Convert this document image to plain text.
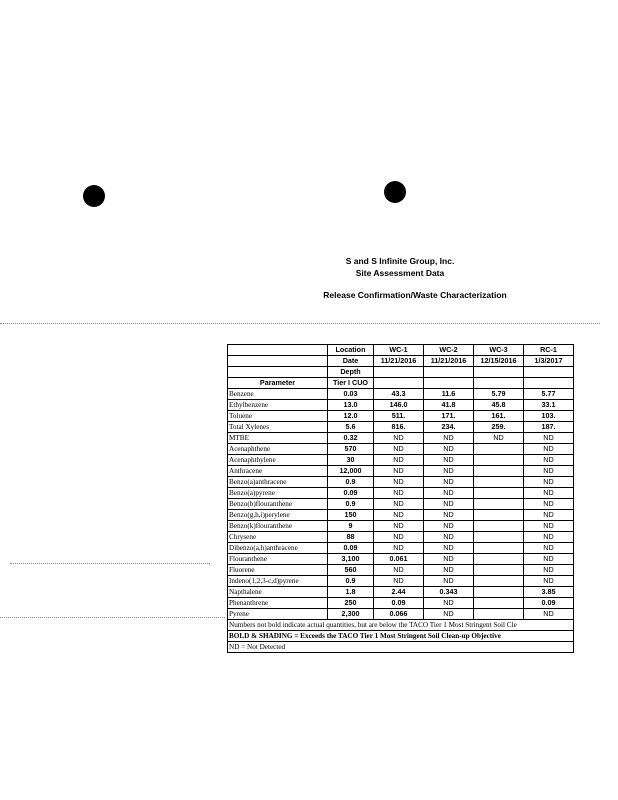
S and S Infinite Group, Inc.
Site Assessment Data
Release Confirmation/Waste Characterization
	Location	WC-1	WC-2	WC-3	RC-1
	Date	11/21/2016	11/21/2016	12/15/2016	1/3/2017
	Depth				
Parameter	Tier I CUO				
Benzene	0.03	43.3	11.6	5.79	5.77
Ethylbenzene	13.0	146.0	41.8	45.8	33.1
Toluene	12.0	511.	171.	161.	103.
Total Xylenes	5.6	816.	234.	259.	187.
MTBE	0.32	ND	ND	ND	ND
Acenaphthene	570	ND	ND		ND
Acenaphthylene	30	ND	ND		ND
Anthracene	12,000	ND	ND		ND
Benzo(a)anthracene	0.9	ND	ND		ND
Benzo(a)pyrene	0.09	ND	ND		ND
Benzo(b)flouranthene	0.9	ND	ND		ND
Benzo(g,h,i)perylene	150	ND	ND		ND
Benzo(k)flouranthene	9	ND	ND		ND
Chrysene	88	ND	ND		ND
Dibenzo(a,h)anthracene	0.09	ND	ND		ND
Flouranthene	3,100	0.061	ND		ND
Fluorene	560	ND	ND		ND
Indeno(1,2,3-c,d)pyrene	0.9	ND	ND		ND
Napthalene	1.8	2.44	0.343		3.85
Phenanthrene	250	0.09	ND		0.09
Pyrene	2,300	0.066	ND		ND
Numbers not bold indicate actual quantities, but are below the TACO Tier 1 Most Stringent Soil Cle					
BOLD & SHADING = Exceeds the TACO Tier 1 Most Stringent Soil Clean-up Objective					
ND = Not Detected					
